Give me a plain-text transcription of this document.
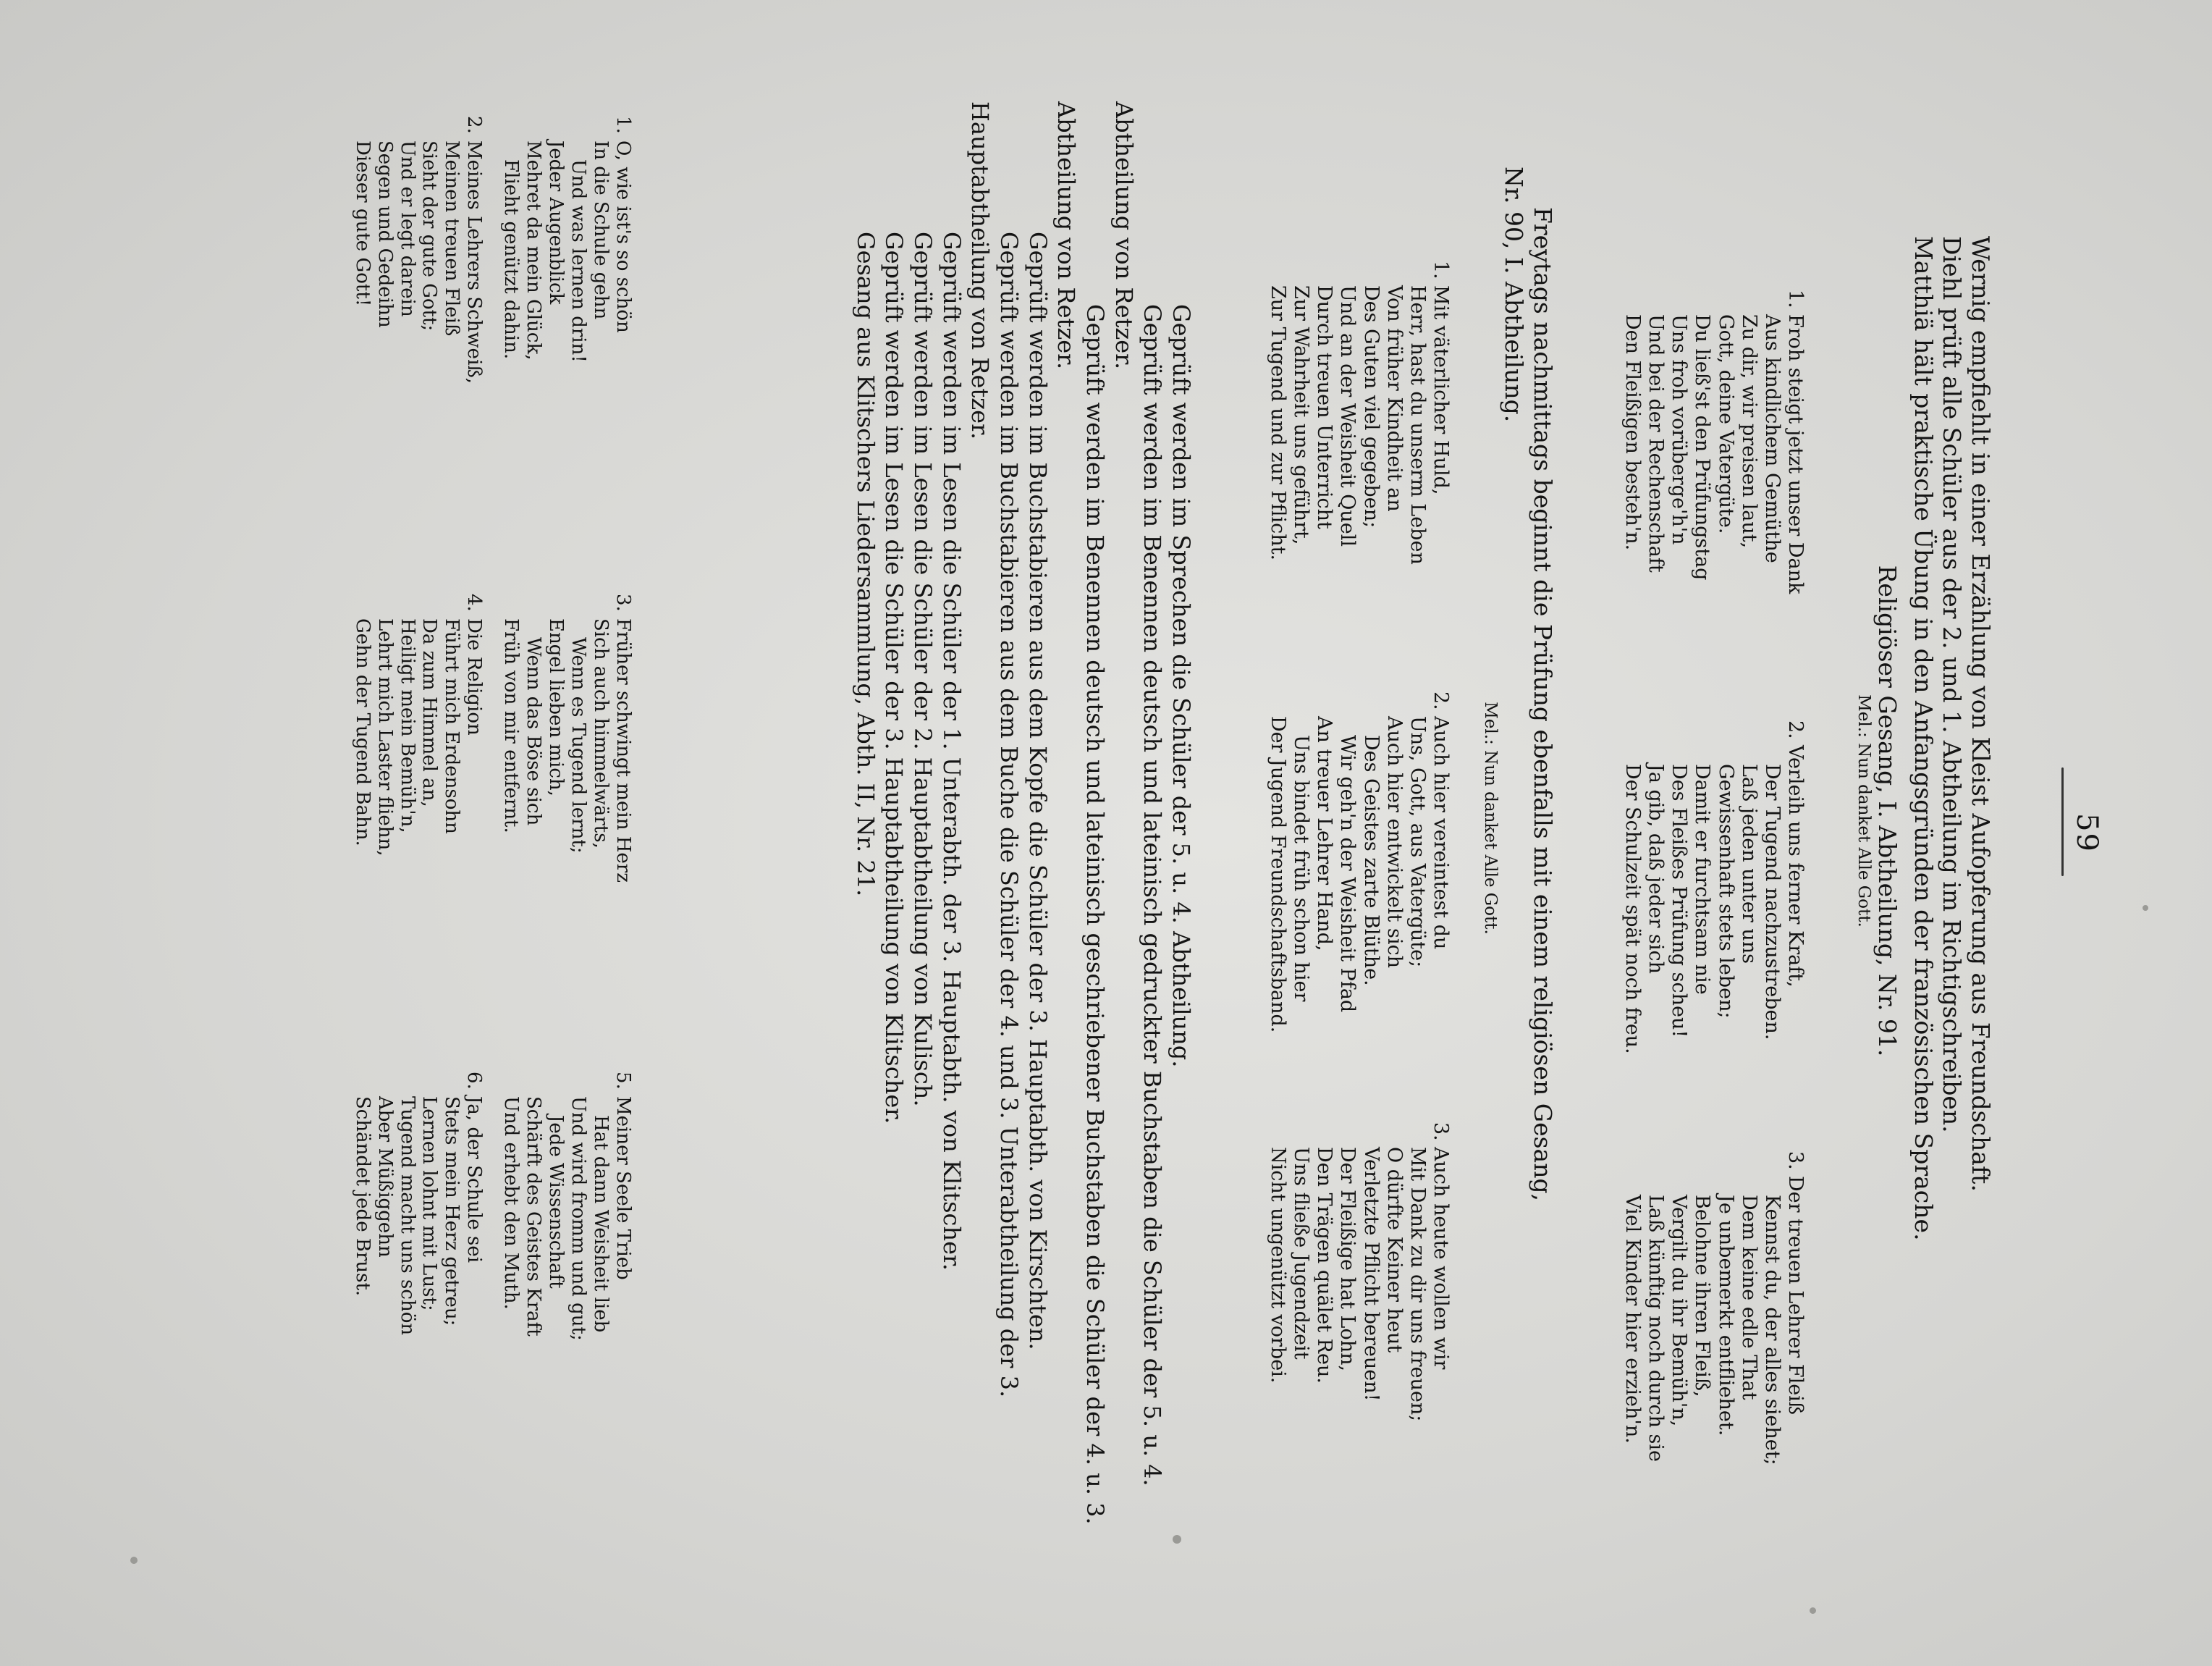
59

Wernig empfiehlt in einer Erzählung von Kleist Aufopferung aus Freundschaft.

Diehl prüft alle Schüler aus der 2. und 1. Abtheilung im Richtigschreiben.

Matthiä hält praktische Übung in den Anfangsgründen der französischen Sprache.

Religiöser Gesang, I. Abtheilung, Nr. 91.

Mel.: Nun danket Alle Gott.

1.Froh steigt jetzt unser Dank
Aus kindlichem Gemüthe
Zu dir, wir preisen laut,
Gott, deine Vatergüte.
Du ließ'st den Prüfungstag
Uns froh vorüberge'h'n
Und bei der Rechenschaft
Den Fleißigen besteh'n.
2.Verleih uns ferner Kraft,
Der Tugend nachzustreben.
Laß jeden unter uns
Gewissenhaft stets leben;
Damit er furchtsam nie
Des Fleißes Prüfung scheu!
Ja gib, daß jeder sich
Der Schulzeit spät noch freu.
3.Der treuen Lehrer Fleiß
Kennst du, der alles siehet;
Dem keine edle That
Je unbemerkt entfliehet.
Belohne ihren Fleiß,
Vergilt du ihr Bemüh'n,
Laß künftig noch durch sie
Viel Kinder hier erzieh'n.

Freytags nachmittags beginnt die Prüfung ebenfalls mit einem religiösen Gesang,

Nr. 90, I. Abtheilung.

Mel.: Nun danket Alle Gott.

1.Mit väterlicher Huld,
Herr, hast du unserm Leben
Von früher Kindheit an
Des Guten viel gegeben;
Und an der Weisheit Quell
Durch treuen Unterricht
Zur Wahrheit uns geführt,
Zur Tugend und zur Pflicht.
2.Auch hier vereintest du
Uns, Gott, aus Vatergüte;
Auch hier entwickelt sich
Des Geistes zarte Blüthe.
Wir geh'n der Weisheit Pfad
An treuer Lehrer Hand,
Uns bindet früh schon hier
Der Jugend Freundschaftsband.
3.Auch heute wollen wir
Mit Dank zu dir uns freuen;
O dürfte Keiner heut
Verletzte Pflicht bereuen!
Der Fleißige hat Lohn,
Den Trägen quälet Reu.
Uns fließe Jugendzeit
Nicht ungenützt vorbei.

Geprüft werden im Sprechen die Schüler der 5. u. 4. Abtheilung.

Geprüft werden im Benennen deutsch und lateinisch gedruckter Buchstaben die Schüler der 5. u. 4. Abtheilung von Retzer.

Geprüft werden im Benennen deutsch und lateinisch geschriebener Buchstaben die Schüler der 4. u. 3. Abtheilung von Retzer.

Geprüft werden im Buchstabieren aus dem Kopfe die Schüler der 3. Hauptabth. von Kirschten.

Geprüft werden im Buchstabieren aus dem Buche die Schüler der 4. und 3. Unterabtheilung der 3. Hauptabtheilung von Retzer.

Geprüft werden im Lesen die Schüler der 1. Unterabth. der 3. Hauptabth. von Klitscher.

Geprüft werden im Lesen die Schüler der 2. Hauptabtheilung von Kulisch.

Geprüft werden im Lesen die Schüler der 3. Hauptabtheilung von Klitscher.

Gesang aus Klitschers Liedersammlung, Abth. II, Nr. 21.

1.O, wie ist's so schön
In die Schule gehn
Und was lernen drin!
Jeder Augenblick
Mehret da mein Glück,
Flieht genützt dahin.
2.Meines Lehrers Schweiß,
Meinen treuen Fleiß
Sieht der gute Gott;
Und er legt darein
Segen und Gedeihn
Dieser gute Gott!
3.Früher schwingt mein Herz
Sich auch himmelwärts,
Wenn es Tugend lernt;
Engel lieben mich,
Wenn das Böse sich
Früh von mir entfernt.
4.Die Religion
Führt mich Erdensohn
Da zum Himmel an,
Heiligt mein Bemüh'n,
Lehrt mich Laster fliehn,
Gehn der Tugend Bahn.
5.Meiner Seele Trieb
Hat dann Weisheit lieb
Und wird fromm und gut;
Jede Wissenschaft
Schärft des Geistes Kraft
Und erhebt den Muth.
6.Ja, der Schule sei
Stets mein Herz getreu;
Lernen lohnt mit Lust;
Tugend macht uns schön
Aber Müßiggehn
Schändet jede Brust.
